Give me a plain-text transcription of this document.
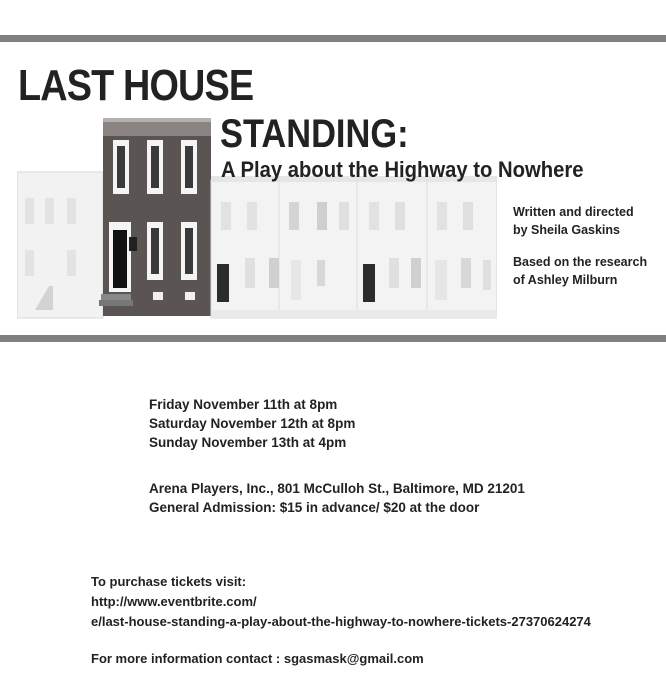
LAST HOUSE
STANDING:
A Play about the Highway to Nowhere

Written and directed
by Sheila Gaskins

Based on the research
of Ashley Milburn

Friday November 11th at 8pm
Saturday November 12th at 8pm
Sunday November 13th at 4pm
Arena Players, Inc., 801 McCulloh St., Baltimore, MD 21201
General Admission: $15 in advance/ $20 at the door
To purchase tickets visit:
http://www.eventbrite.com/
e/last-house-standing-a-play-about-the-highway-to-nowhere-tickets-27370624274
For more information contact : sgasmask@gmail.com
